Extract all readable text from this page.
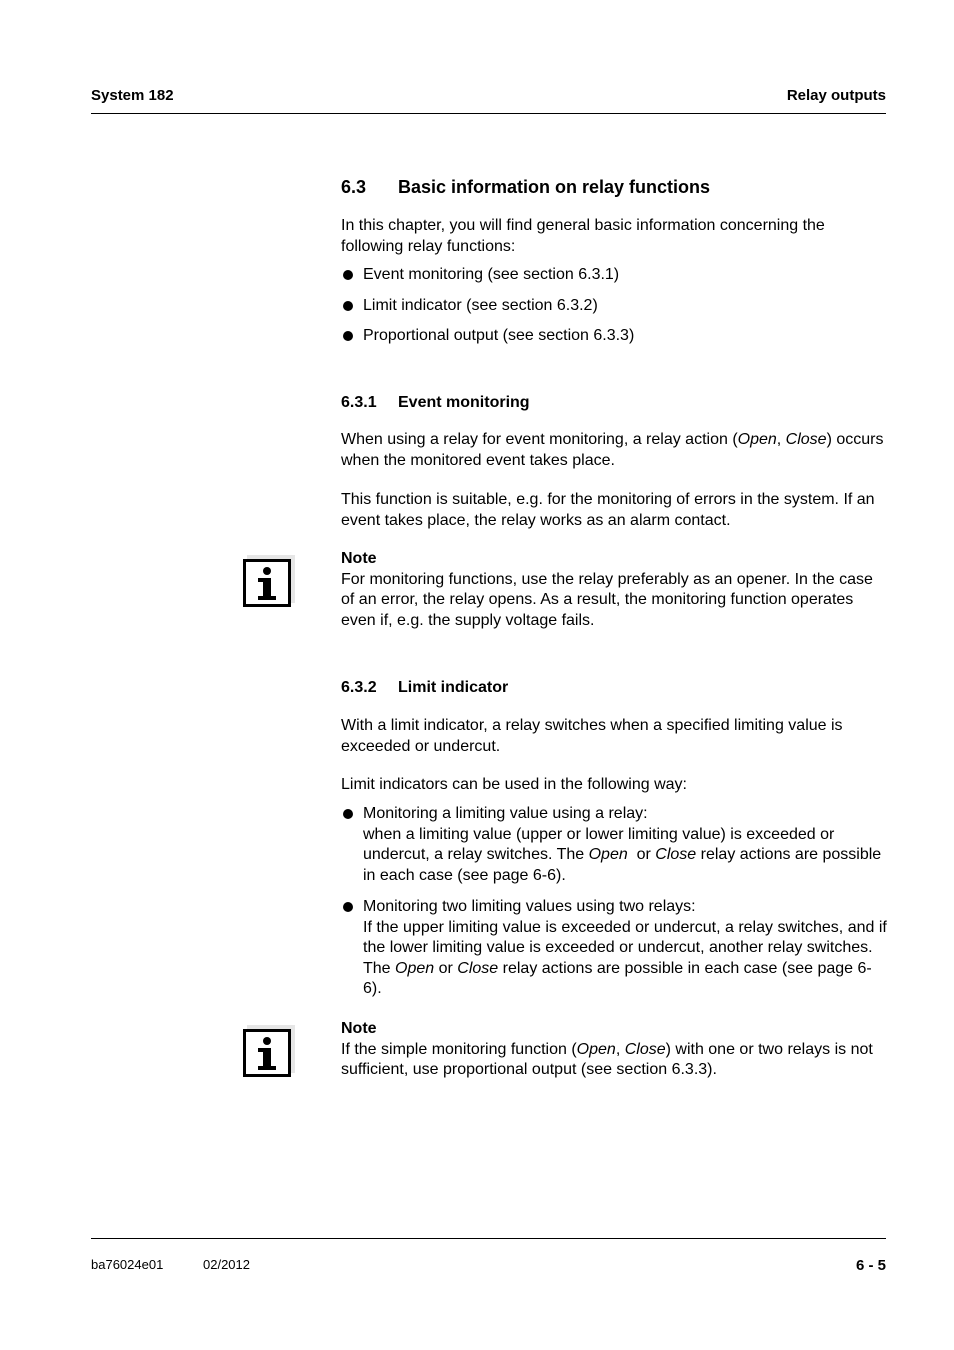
System 182	Relay outputs
6.3 Basic information on relay functions

In this chapter, you will find general basic information concerning the following relay functions:

Event monitoring (see section 6.3.1)
Limit indicator (see section 6.3.2)
Proportional output (see section 6.3.3)
6.3.1 Event monitoring

When using a relay for event monitoring, a relay action (Open, Close) occurs when the monitored event takes place.

This function is suitable, e.g. for the monitoring of errors in the system. If an event takes place, the relay works as an alarm contact.

Note

For monitoring functions, use the relay preferably as an opener. In the case of an error, the relay opens. As a result, the monitoring function operates even if, e.g. the supply voltage fails.

6.3.2 Limit indicator

With a limit indicator, a relay switches when a specified limiting value is exceeded or undercut.

Limit indicators can be used in the following way:

Monitoring a limiting value using a relay:
when a limiting value (upper or lower limiting value) is exceeded or undercut, a relay switches. The Open  or Close relay actions are possible in each case (see page 6-6).
Monitoring two limiting values using two relays:
If the upper limiting value is exceeded or undercut, a relay switches, and if the lower limiting value is exceeded or undercut, another relay switches. The Open or Close relay actions are possible in each case (see page 6-6).

Note

If the simple monitoring function (Open, Close) with one or two relays is not sufficient, use proportional output (see section 6.3.3).

ba76024e01	02/2012	6 - 5
